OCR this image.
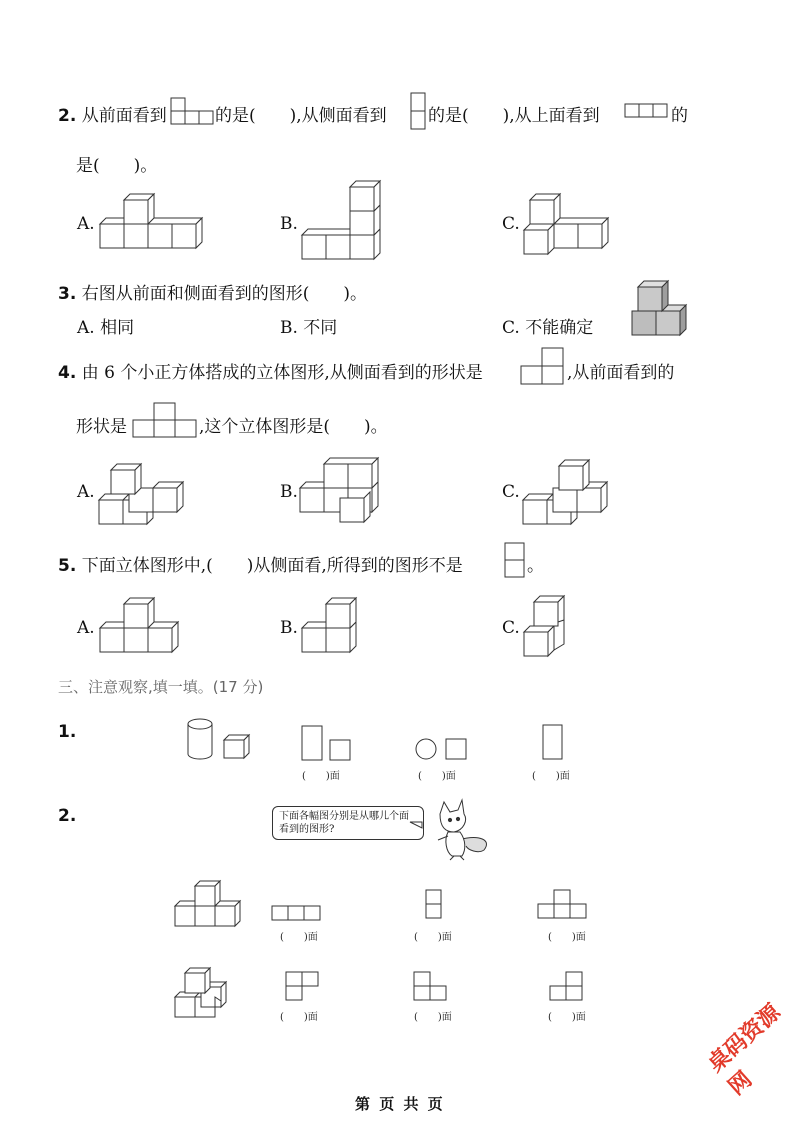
2. 从前面看到	的是(　　),从侧面看到 的是(　　),从上面看到	的
是(　　)。
A.	B.	C.
3. 右图从前面和侧面看到的图形(　　)。
A. 相同	B. 不同	C. 不能确定
4. 由 6 个小正方体搭成的立体图形,从侧面看到的形状是	,从前面看到的
形状是	,这个立体图形是(　　)。
A.	B.	C.
5. 下面立体图形中,(　　)从侧面看,所得到的图形不是	。
A.	B.	C.
三、注意观察,填一填。(17 分)
1.
(　　)面	(　　)面	(　　)面
2.	下面各幅图分别是从哪儿个面看到的图形?
(　　)面	(　　)面	(　　)面
(　　)面	(　　)面	(　　)面	桌码资源网
第 页 共 页
